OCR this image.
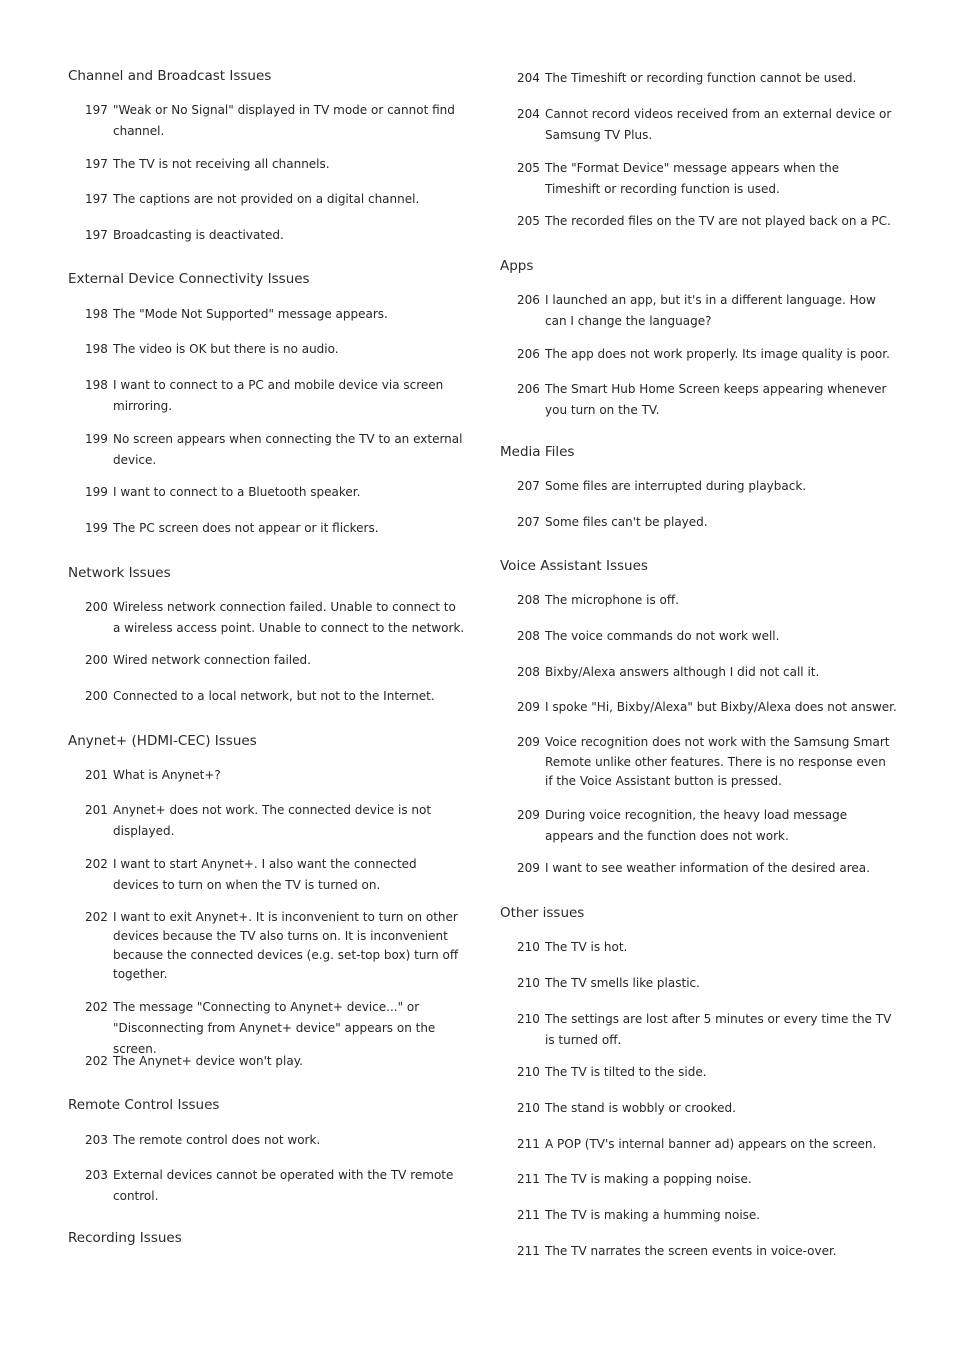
Channel and Broadcast Issues
197 "Weak or No Signal" displayed in TV mode or cannot find channel.
197 The TV is not receiving all channels.
197 The captions are not provided on a digital channel.
197 Broadcasting is deactivated.
External Device Connectivity Issues
198 The "Mode Not Supported" message appears.
198 The video is OK but there is no audio.
198 I want to connect to a PC and mobile device via screen mirroring.
199 No screen appears when connecting the TV to an external device.
199 I want to connect to a Bluetooth speaker.
199 The PC screen does not appear or it flickers.
Network Issues
200 Wireless network connection failed. Unable to connect to a wireless access point. Unable to connect to the network.
200 Wired network connection failed.
200 Connected to a local network, but not to the Internet.
Anynet+ (HDMI-CEC) Issues
201 What is Anynet+?
201 Anynet+ does not work. The connected device is not displayed.
202 I want to start Anynet+. I also want the connected devices to turn on when the TV is turned on.
202 I want to exit Anynet+. It is inconvenient to turn on other devices because the TV also turns on. It is inconvenient because the connected devices (e.g. set-top box) turn off together.
202 The message "Connecting to Anynet+ device..." or "Disconnecting from Anynet+ device" appears on the screen.
202 The Anynet+ device won't play.
Remote Control Issues
203 The remote control does not work.
203 External devices cannot be operated with the TV remote control.
Recording Issues
204 The Timeshift or recording function cannot be used.
204 Cannot record videos received from an external device or Samsung TV Plus.
205 The "Format Device" message appears when the Timeshift or recording function is used.
205 The recorded files on the TV are not played back on a PC.
Apps
206 I launched an app, but it's in a different language. How can I change the language?
206 The app does not work properly. Its image quality is poor.
206 The Smart Hub Home Screen keeps appearing whenever you turn on the TV.
Media Files
207 Some files are interrupted during playback.
207 Some files can't be played.
Voice Assistant Issues
208 The microphone is off.
208 The voice commands do not work well.
208 Bixby/Alexa answers although I did not call it.
209 I spoke "Hi, Bixby/Alexa" but Bixby/Alexa does not answer.
209 Voice recognition does not work with the Samsung Smart Remote unlike other features. There is no response even if the Voice Assistant button is pressed.
209 During voice recognition, the heavy load message appears and the function does not work.
209 I want to see weather information of the desired area.
Other issues
210 The TV is hot.
210 The TV smells like plastic.
210 The settings are lost after 5 minutes or every time the TV is turned off.
210 The TV is tilted to the side.
210 The stand is wobbly or crooked.
211 A POP (TV's internal banner ad) appears on the screen.
211 The TV is making a popping noise.
211 The TV is making a humming noise.
211 The TV narrates the screen events in voice-over.
